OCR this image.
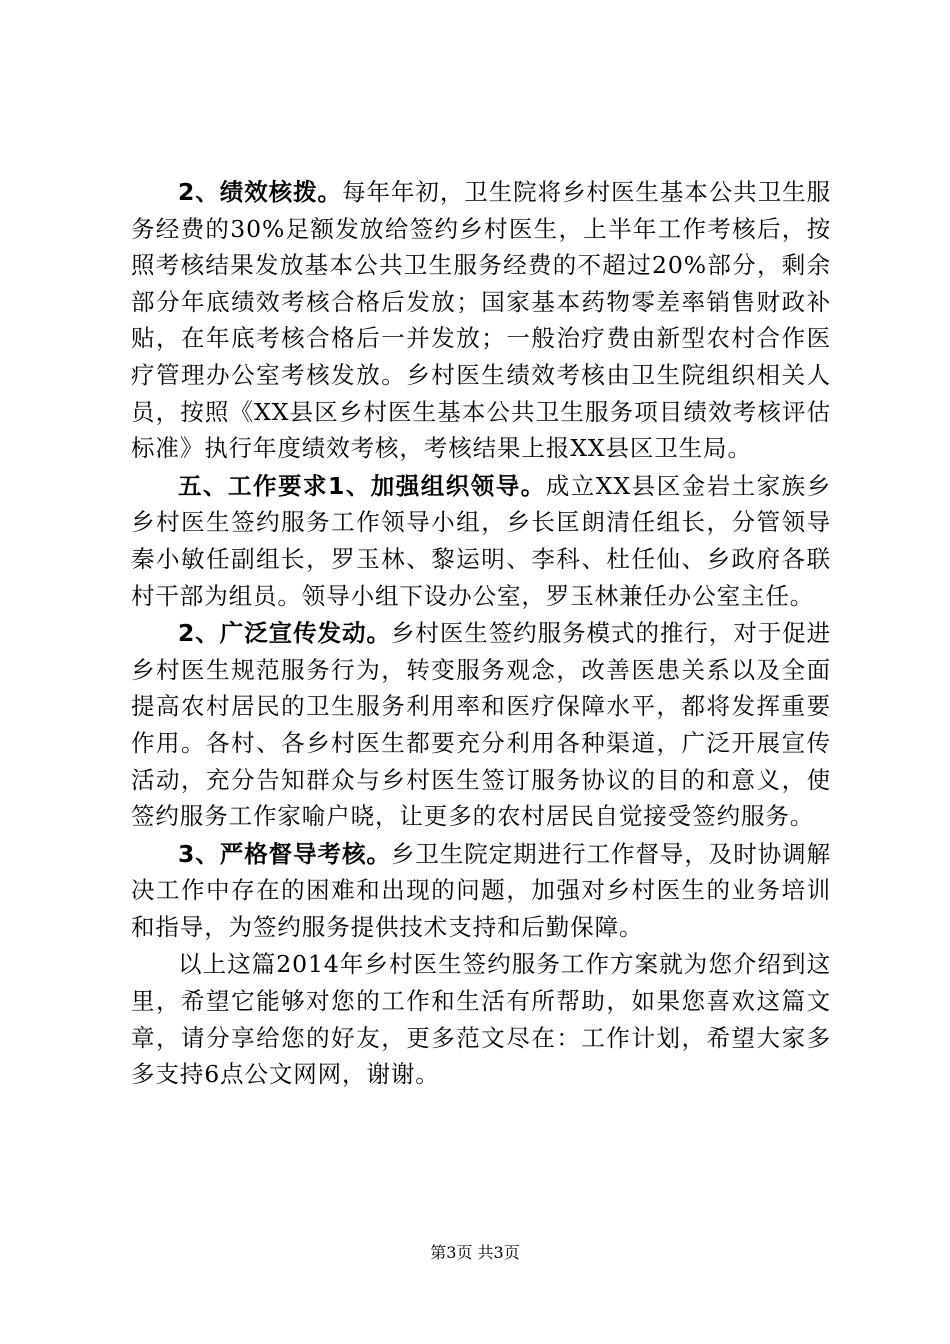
2、绩效核拨。每年年初，卫生院将乡村医生基本公共卫生服务经费的30%足额发放给签约乡村医生，上半年工作考核后，按照考核结果发放基本公共卫生服务经费的不超过20%部分，剩余部分年底绩效考核合格后发放；国家基本药物零差率销售财政补贴，在年底考核合格后一并发放；一般治疗费由新型农村合作医疗管理办公室考核发放。乡村医生绩效考核由卫生院组织相关人员，按照《XX县区乡村医生基本公共卫生服务项目绩效考核评估标准》执行年度绩效考核，考核结果上报XX县区卫生局。

五、工作要求1、加强组织领导。成立XX县区金岩土家族乡乡村医生签约服务工作领导小组，乡长匡朗清任组长，分管领导秦小敏任副组长，罗玉林、黎运明、李科、杜任仙、乡政府各联村干部为组员。领导小组下设办公室，罗玉林兼任办公室主任。

2、广泛宣传发动。乡村医生签约服务模式的推行，对于促进乡村医生规范服务行为，转变服务观念，改善医患关系以及全面提高农村居民的卫生服务利用率和医疗保障水平，都将发挥重要作用。各村、各乡村医生都要充分利用各种渠道，广泛开展宣传活动，充分告知群众与乡村医生签订服务协议的目的和意义，使签约服务工作家喻户晓，让更多的农村居民自觉接受签约服务。

3、严格督导考核。乡卫生院定期进行工作督导，及时协调解决工作中存在的困难和出现的问题，加强对乡村医生的业务培训和指导，为签约服务提供技术支持和后勤保障。

以上这篇2014年乡村医生签约服务工作方案就为您介绍到这里，希望它能够对您的工作和生活有所帮助，如果您喜欢这篇文章，请分享给您的好友，更多范文尽在：工作计划，希望大家多多支持6点公文网网，谢谢。

第3页 共3页
